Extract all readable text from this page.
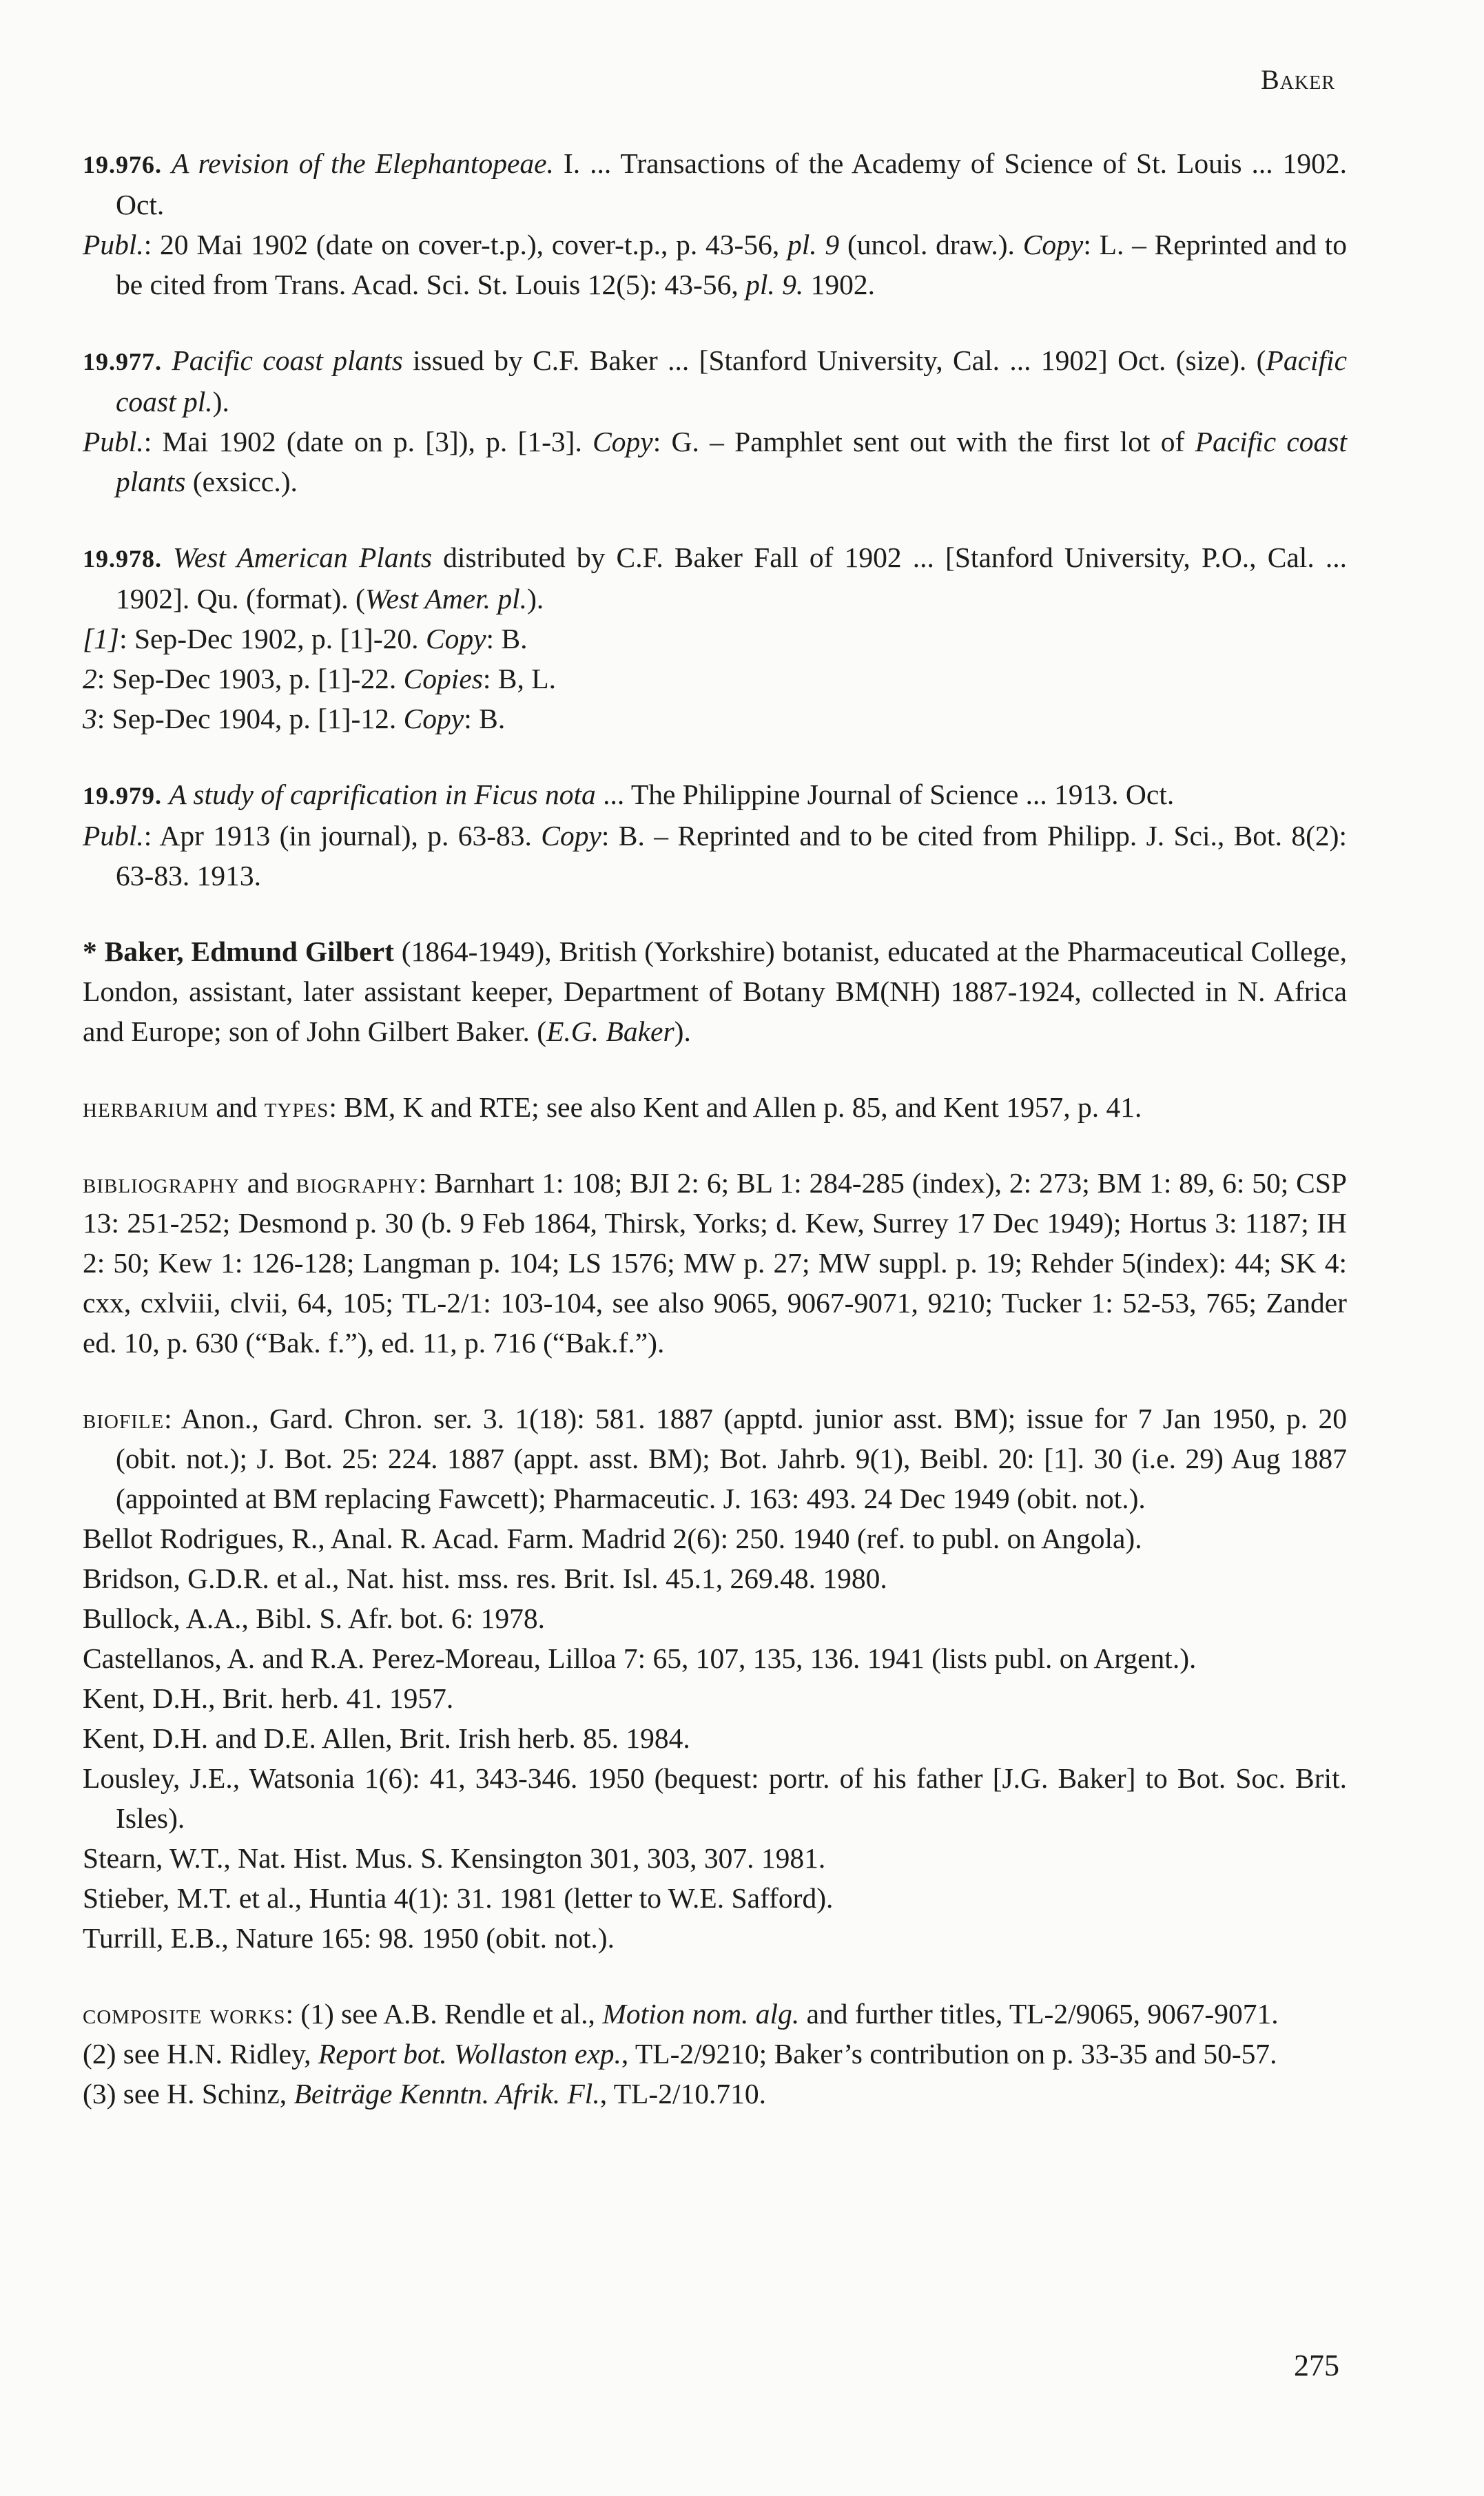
Baker

19.976. A revision of the Elephantopeae. I. ... Transactions of the Academy of Science of St. Louis ... 1902. Oct.

Publ.: 20 Mai 1902 (date on cover-t.p.), cover-t.p., p. 43-56, pl. 9 (uncol. draw.). Copy: L. – Reprinted and to be cited from Trans. Acad. Sci. St. Louis 12(5): 43-56, pl. 9. 1902.

19.977. Pacific coast plants issued by C.F. Baker ... [Stanford University, Cal. ... 1902] Oct. (size). (Pacific coast pl.).

Publ.: Mai 1902 (date on p. [3]), p. [1-3]. Copy: G. – Pamphlet sent out with the first lot of Pacific coast plants (exsicc.).

19.978. West American Plants distributed by C.F. Baker Fall of 1902 ... [Stanford University, P.O., Cal. ... 1902]. Qu. (format). (West Amer. pl.).

[1]: Sep-Dec 1902, p. [1]-20. Copy: B.

2: Sep-Dec 1903, p. [1]-22. Copies: B, L.

3: Sep-Dec 1904, p. [1]-12. Copy: B.

19.979. A study of caprification in Ficus nota ... The Philippine Journal of Science ... 1913. Oct.

Publ.: Apr 1913 (in journal), p. 63-83. Copy: B. – Reprinted and to be cited from Philipp. J. Sci., Bot. 8(2): 63-83. 1913.

* Baker, Edmund Gilbert (1864-1949), British (Yorkshire) botanist, educated at the Pharmaceutical College, London, assistant, later assistant keeper, Department of Botany BM(NH) 1887-1924, collected in N. Africa and Europe; son of John Gilbert Baker. (E.G. Baker).

herbarium and types: BM, K and RTE; see also Kent and Allen p. 85, and Kent 1957, p. 41.

bibliography and biography: Barnhart 1: 108; BJI 2: 6; BL 1: 284-285 (index), 2: 273; BM 1: 89, 6: 50; CSP 13: 251-252; Desmond p. 30 (b. 9 Feb 1864, Thirsk, Yorks; d. Kew, Surrey 17 Dec 1949); Hortus 3: 1187; IH 2: 50; Kew 1: 126-128; Langman p. 104; LS 1576; MW p. 27; MW suppl. p. 19; Rehder 5(index): 44; SK 4: cxx, cxlviii, clvii, 64, 105; TL-2/1: 103-104, see also 9065, 9067-9071, 9210; Tucker 1: 52-53, 765; Zander ed. 10, p. 630 (“Bak. f.”), ed. 11, p. 716 (“Bak.f.”).

biofile: Anon., Gard. Chron. ser. 3. 1(18): 581. 1887 (apptd. junior asst. BM); issue for 7 Jan 1950, p. 20 (obit. not.); J. Bot. 25: 224. 1887 (appt. asst. BM); Bot. Jahrb. 9(1), Beibl. 20: [1]. 30 (i.e. 29) Aug 1887 (appointed at BM replacing Fawcett); Pharmaceutic. J. 163: 493. 24 Dec 1949 (obit. not.).

Bellot Rodrigues, R., Anal. R. Acad. Farm. Madrid 2(6): 250. 1940 (ref. to publ. on Angola).

Bridson, G.D.R. et al., Nat. hist. mss. res. Brit. Isl. 45.1, 269.48. 1980.

Bullock, A.A., Bibl. S. Afr. bot. 6: 1978.

Castellanos, A. and R.A. Perez-Moreau, Lilloa 7: 65, 107, 135, 136. 1941 (lists publ. on Argent.).

Kent, D.H., Brit. herb. 41. 1957.

Kent, D.H. and D.E. Allen, Brit. Irish herb. 85. 1984.

Lousley, J.E., Watsonia 1(6): 41, 343-346. 1950 (bequest: portr. of his father [J.G. Baker] to Bot. Soc. Brit. Isles).

Stearn, W.T., Nat. Hist. Mus. S. Kensington 301, 303, 307. 1981.

Stieber, M.T. et al., Huntia 4(1): 31. 1981 (letter to W.E. Safford).

Turrill, E.B., Nature 165: 98. 1950 (obit. not.).

composite works: (1) see A.B. Rendle et al., Motion nom. alg. and further titles, TL-2/9065, 9067-9071.

(2) see H.N. Ridley, Report bot. Wollaston exp., TL-2/9210; Baker’s contribution on p. 33-35 and 50-57.

(3) see H. Schinz, Beiträge Kenntn. Afrik. Fl., TL-2/10.710.

275
